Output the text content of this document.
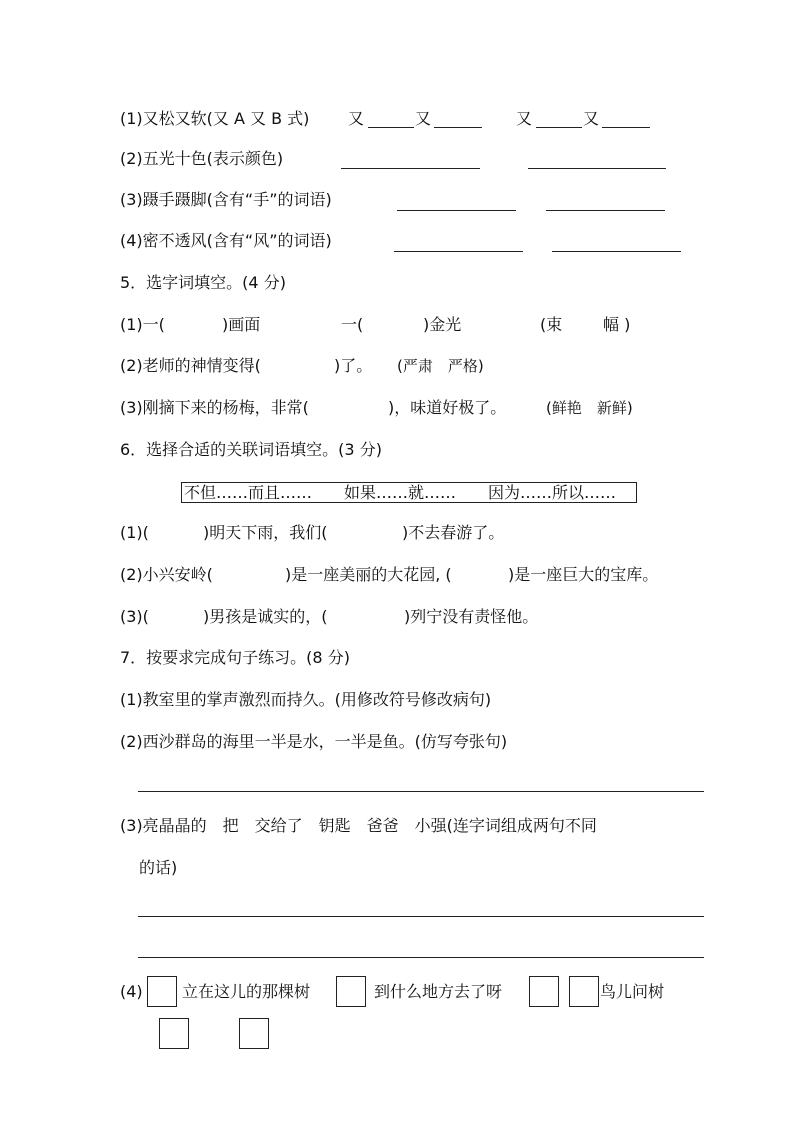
(1)又松又软(又 A 又 B 式) 又	又	又	又
(2)五光十色(表示颜色)
(3)蹑手蹑脚(含有“手”的词语)
(4)密不透风(含有“风”的词语)
5．选字词填空。(4 分)
(1)一(	)画面	一(	)金光	(束	幅 )
(2)老师的神情变得(	)了。 (严肃　严格)
(3)刚摘下来的杨梅，非常(	)，味道好极了。	(鲜艳　新鲜)
6．选择合适的关联词语填空。(3 分)
不但……而且…… 如果……就…… 因为……所以……
(1)(	)明天下雨，我们(	)不去春游了。
(2)小兴安岭(	)是一座美丽的大花园, (	)是一座巨大的宝库。
(3)(	)男孩是诚实的，(	)列宁没有责怪他。
7．按要求完成句子练习。(8 分)
(1)教室里的掌声激烈而持久。(用修改符号修改病句)
(2)西沙群岛的海里一半是水，一半是鱼。(仿写夸张句)
(3)亮晶晶的　把　交给了　钥匙　爸爸　小强(连字词组成两句不同
的话)
(4) 立在这儿的那棵树	到什么地方去了呀	鸟儿问树
